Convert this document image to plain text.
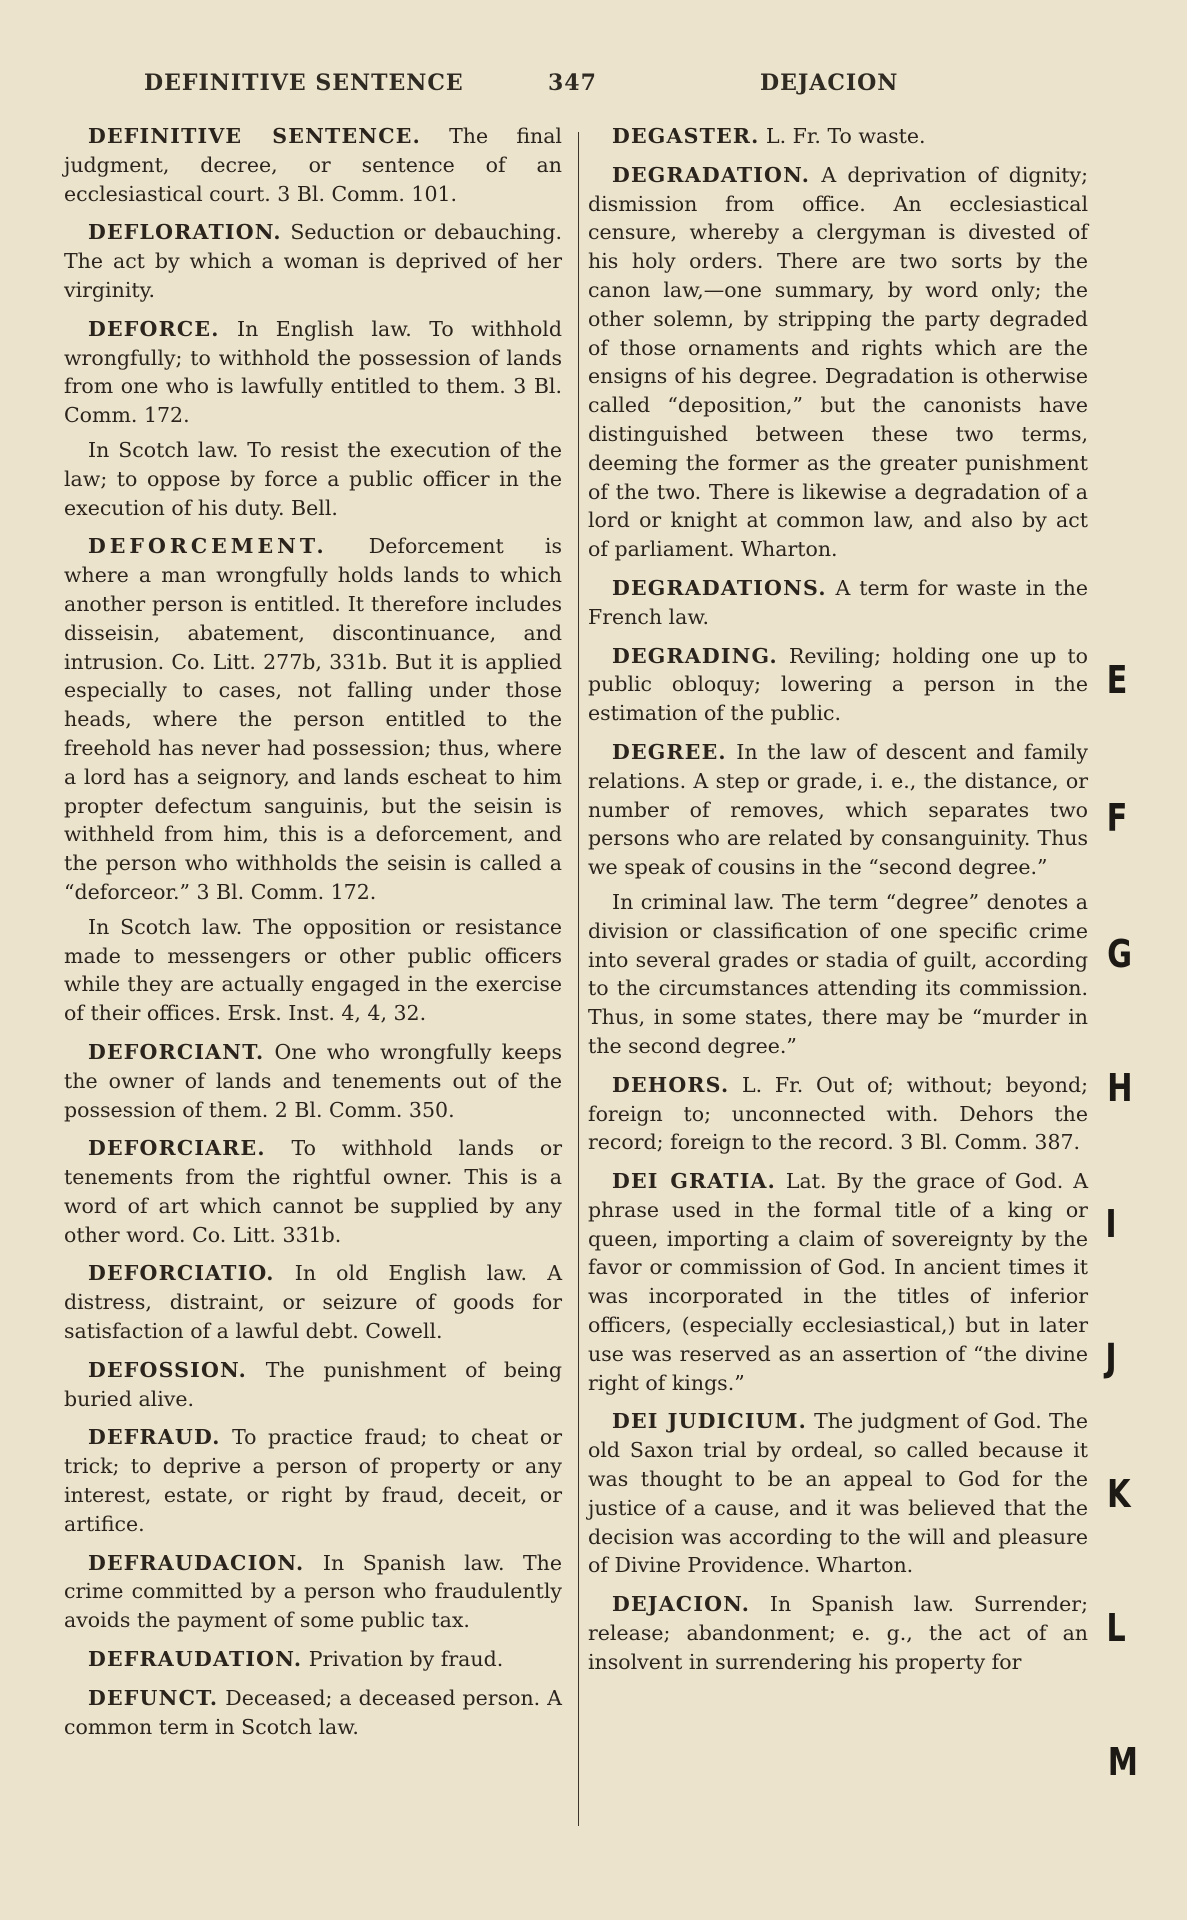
DEFINITIVE SENTENCE	347	DEJACION

DEFINITIVE SENTENCE. The final judgment, decree, or sentence of an ecclesiastical court. 3 Bl. Comm. 101.

DEFLORATION. Seduction or debauching. The act by which a woman is deprived of her virginity.

DEFORCE. In English law. To withhold wrongfully; to withhold the possession of lands from one who is lawfully entitled to them. 3 Bl. Comm. 172.

In Scotch law. To resist the execution of the law; to oppose by force a public officer in the execution of his duty. Bell.

DEFORCEMENT. Deforcement is where a man wrongfully holds lands to which another person is entitled. It therefore includes disseisin, abatement, discontinuance, and intrusion. Co. Litt. 277b, 331b. But it is applied especially to cases, not falling under those heads, where the person entitled to the freehold has never had possession; thus, where a lord has a seignory, and lands escheat to him propter defectum sanguinis, but the seisin is withheld from him, this is a deforcement, and the person who withholds the seisin is called a “deforceor.” 3 Bl. Comm. 172.

In Scotch law. The opposition or resistance made to messengers or other public officers while they are actually engaged in the exercise of their offices. Ersk. Inst. 4, 4, 32.

DEFORCIANT. One who wrongfully keeps the owner of lands and tenements out of the possession of them. 2 Bl. Comm. 350.

DEFORCIARE. To withhold lands or tenements from the rightful owner. This is a word of art which cannot be supplied by any other word. Co. Litt. 331b.

DEFORCIATIO. In old English law. A distress, distraint, or seizure of goods for satisfaction of a lawful debt. Cowell.

DEFOSSION. The punishment of being buried alive.

DEFRAUD. To practice fraud; to cheat or trick; to deprive a person of property or any interest, estate, or right by fraud, deceit, or artifice.

DEFRAUDACION. In Spanish law. The crime committed by a person who fraudulently avoids the payment of some public tax.

DEFRAUDATION. Privation by fraud.

DEFUNCT. Deceased; a deceased person. A common term in Scotch law.

DEGASTER. L. Fr. To waste.

DEGRADATION. A deprivation of dignity; dismission from office. An ecclesiastical censure, whereby a clergyman is divested of his holy orders. There are two sorts by the canon law,—one summary, by word only; the other solemn, by stripping the party degraded of those ornaments and rights which are the ensigns of his degree. Degradation is otherwise called “deposition,” but the canonists have distinguished between these two terms, deeming the former as the greater punishment of the two. There is likewise a degradation of a lord or knight at common law, and also by act of parliament. Wharton.

DEGRADATIONS. A term for waste in the French law.

DEGRADING. Reviling; holding one up to public obloquy; lowering a person in the estimation of the public.

DEGREE. In the law of descent and family relations. A step or grade, i. e., the distance, or number of removes, which separates two persons who are related by consanguinity. Thus we speak of cousins in the “second degree.”

In criminal law. The term “degree” denotes a division or classification of one specific crime into several grades or stadia of guilt, according to the circumstances attending its commission. Thus, in some states, there may be “murder in the second degree.”

DEHORS. L. Fr. Out of; without; beyond; foreign to; unconnected with. Dehors the record; foreign to the record. 3 Bl. Comm. 387.

DEI GRATIA. Lat. By the grace of God. A phrase used in the formal title of a king or queen, importing a claim of sovereignty by the favor or commission of God. In ancient times it was incorporated in the titles of inferior officers, (especially ecclesiastical,) but in later use was reserved as an assertion of “the divine right of kings.”

DEI JUDICIUM. The judgment of God. The old Saxon trial by ordeal, so called because it was thought to be an appeal to God for the justice of a cause, and it was believed that the decision was according to the will and pleasure of Divine Providence. Wharton.

DEJACION. In Spanish law. Surrender; release; abandonment; e. g., the act of an insolvent in surrendering his property for

E
F
G
H
I
J
K
L
M
